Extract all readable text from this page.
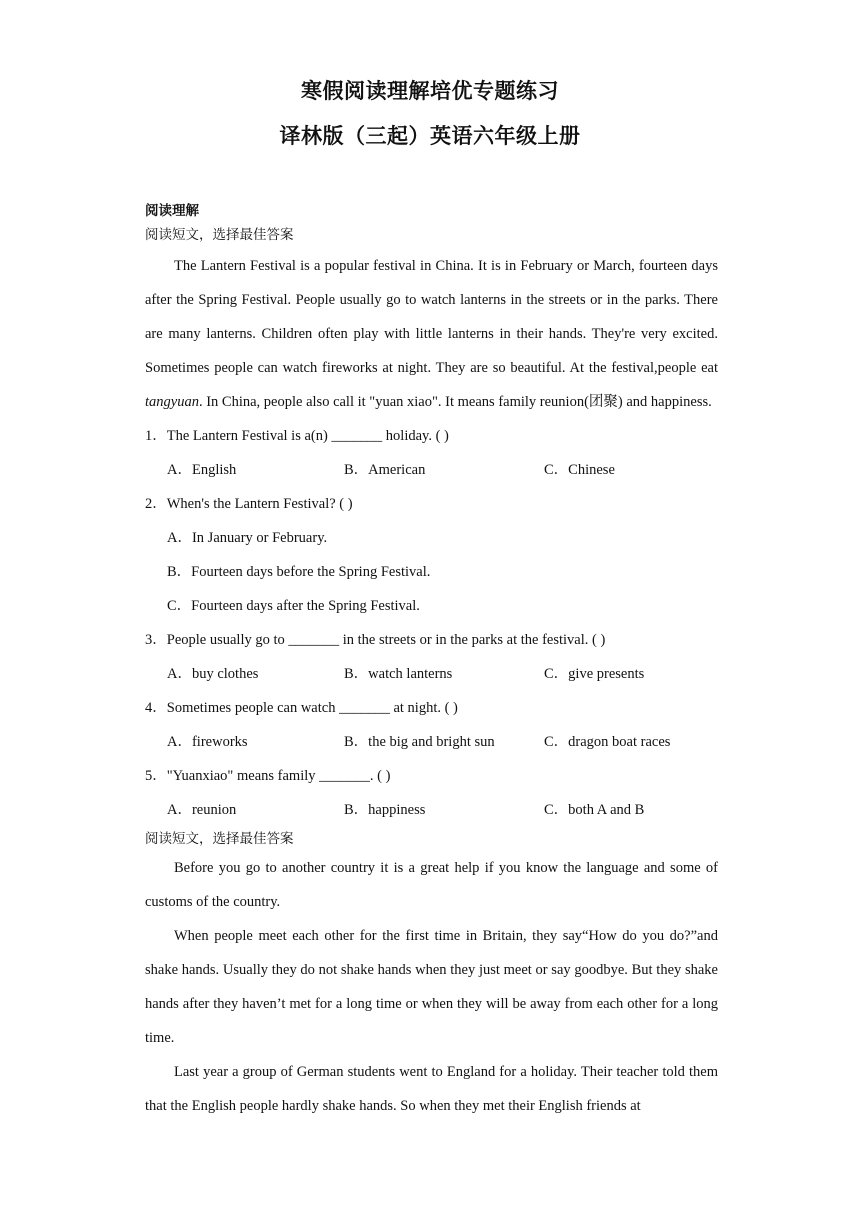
寒假阅读理解培优专题练习
译林版（三起）英语六年级上册
阅读理解
阅读短文，选择最佳答案

The Lantern Festival is a popular festival in China. It is in February or March, fourteen days after the Spring Festival. People usually go to watch lanterns in the streets or in the parks. There are many lanterns. Children often play with little lanterns in their hands. They're very excited. Sometimes people can watch fireworks at night. They are so beautiful. At the festival,people eat tangyuan. In China, people also call it "yuan xiao". It means family reunion(团聚) and happiness.

1．The Lantern Festival is a(n) _______ holiday. ( )
A．English	B．American	C．Chinese
2．When's the Lantern Festival? ( )
A．In January or February.
B．Fourteen days before the Spring Festival.
C．Fourteen days after the Spring Festival.
3．People usually go to _______ in the streets or in the parks at the festival. ( )
A．buy clothes	B．watch lanterns	C．give presents
4．Sometimes people can watch _______ at night. ( )
A．fireworks	B．the big and bright sun	C．dragon boat races
5．"Yuanxiao" means family _______. ( )
A．reunion	B．happiness	C．both A and B
阅读短文，选择最佳答案

Before you go to another country it is a great help if you know the language and some of customs of the country.

When people meet each other for the first time in Britain, they say“How do you do?”and shake hands. Usually they do not shake hands when they just meet or say goodbye. But they shake hands after they haven’t met for a long time or when they will be away from each other for a long time.

Last year a group of German students went to England for a holiday. Their teacher told them that the English people hardly shake hands. So when they met their English friends at
